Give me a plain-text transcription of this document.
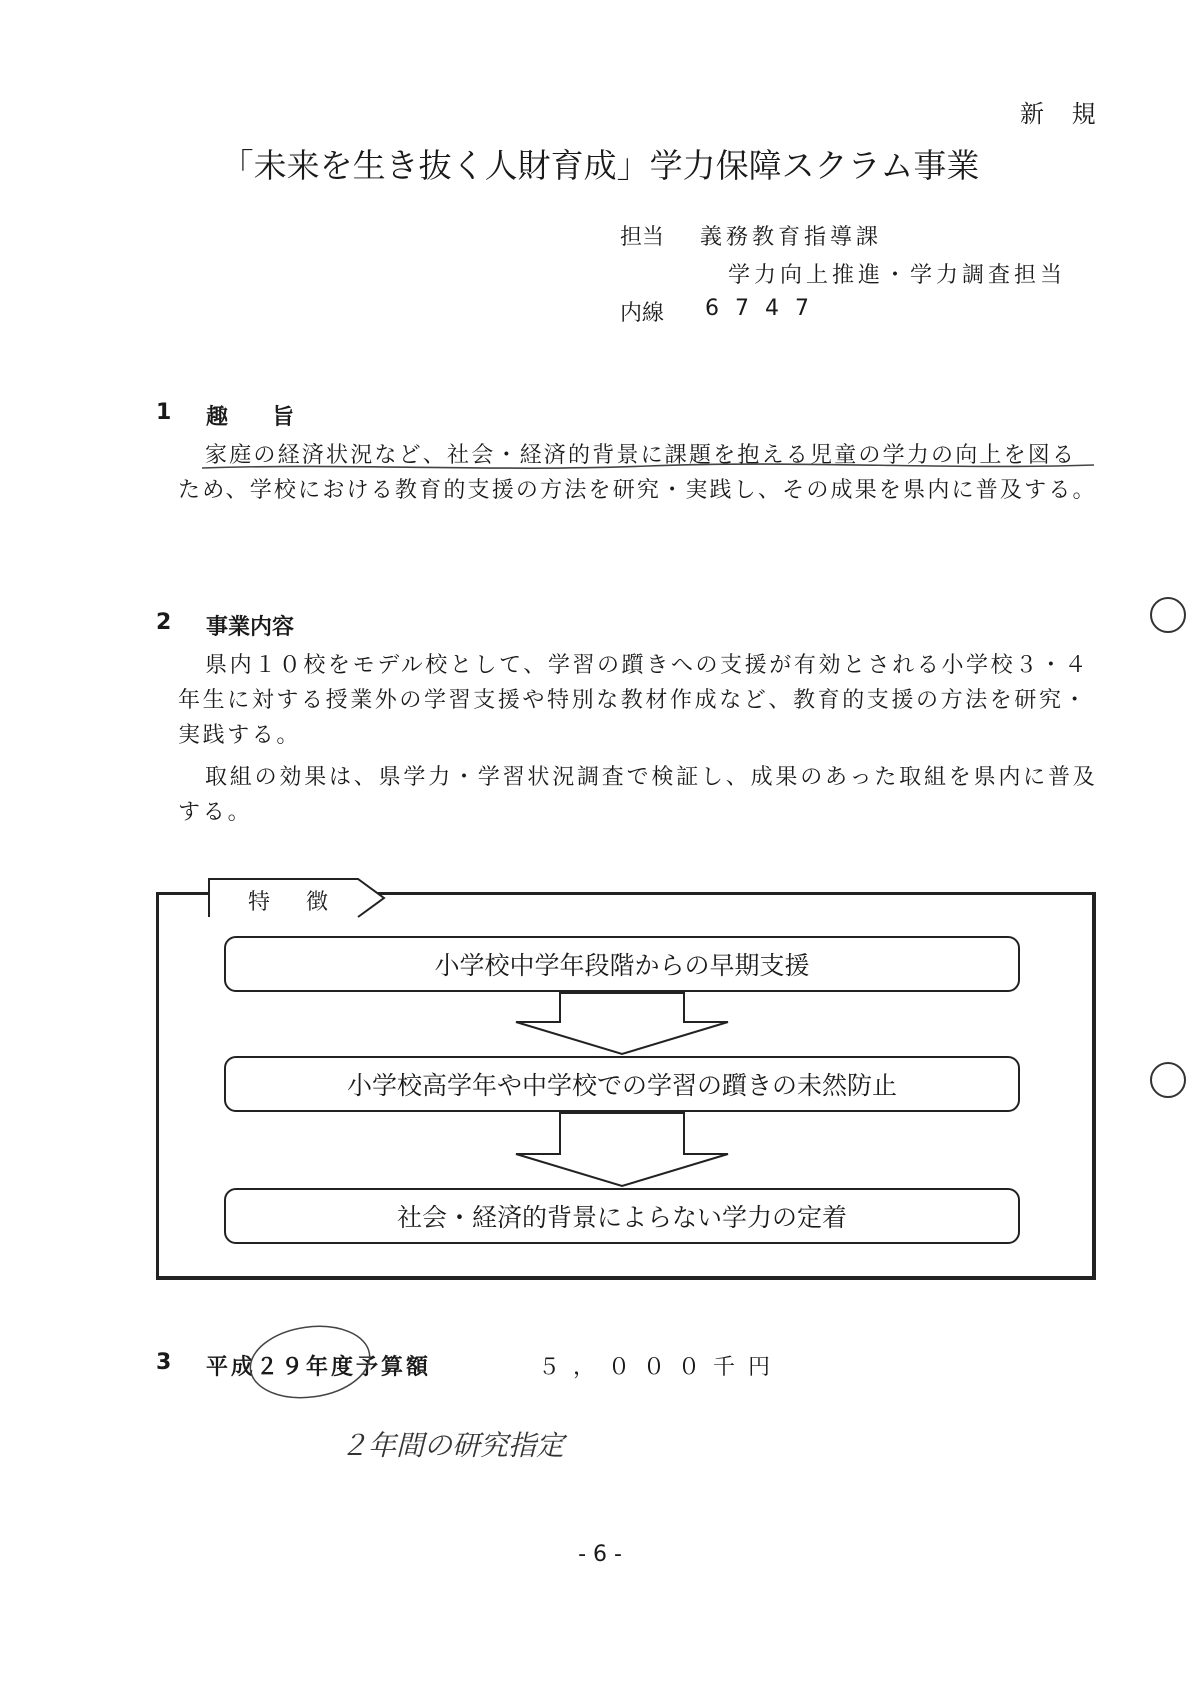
新 規
「未来を生き抜く人財育成」学力保障スクラム事業
担当 義務教育指導課
学力向上推進・学力調査担当
内線 6747
1 趣　　旨
家庭の経済状況など、社会・経済的背景に課題を抱える児童の学力の向上を図るため、学校における教育的支援の方法を研究・実践し、その成果を県内に普及する。
2 事業内容
県内１０校をモデル校として、学習の躓きへの支援が有効とされる小学校３・４年生に対する授業外の学習支援や特別な教材作成など、教育的支援の方法を研究・実践する。
取組の効果は、県学力・学習状況調査で検証し、成果のあった取組を県内に普及する。
特徴
小学校中学年段階からの早期支援
小学校高学年や中学校での学習の躓きの未然防止
社会・経済的背景によらない学力の定着
3 平成２９年度予算額	５，０００千円
２年間の研究指定
- 6 -
